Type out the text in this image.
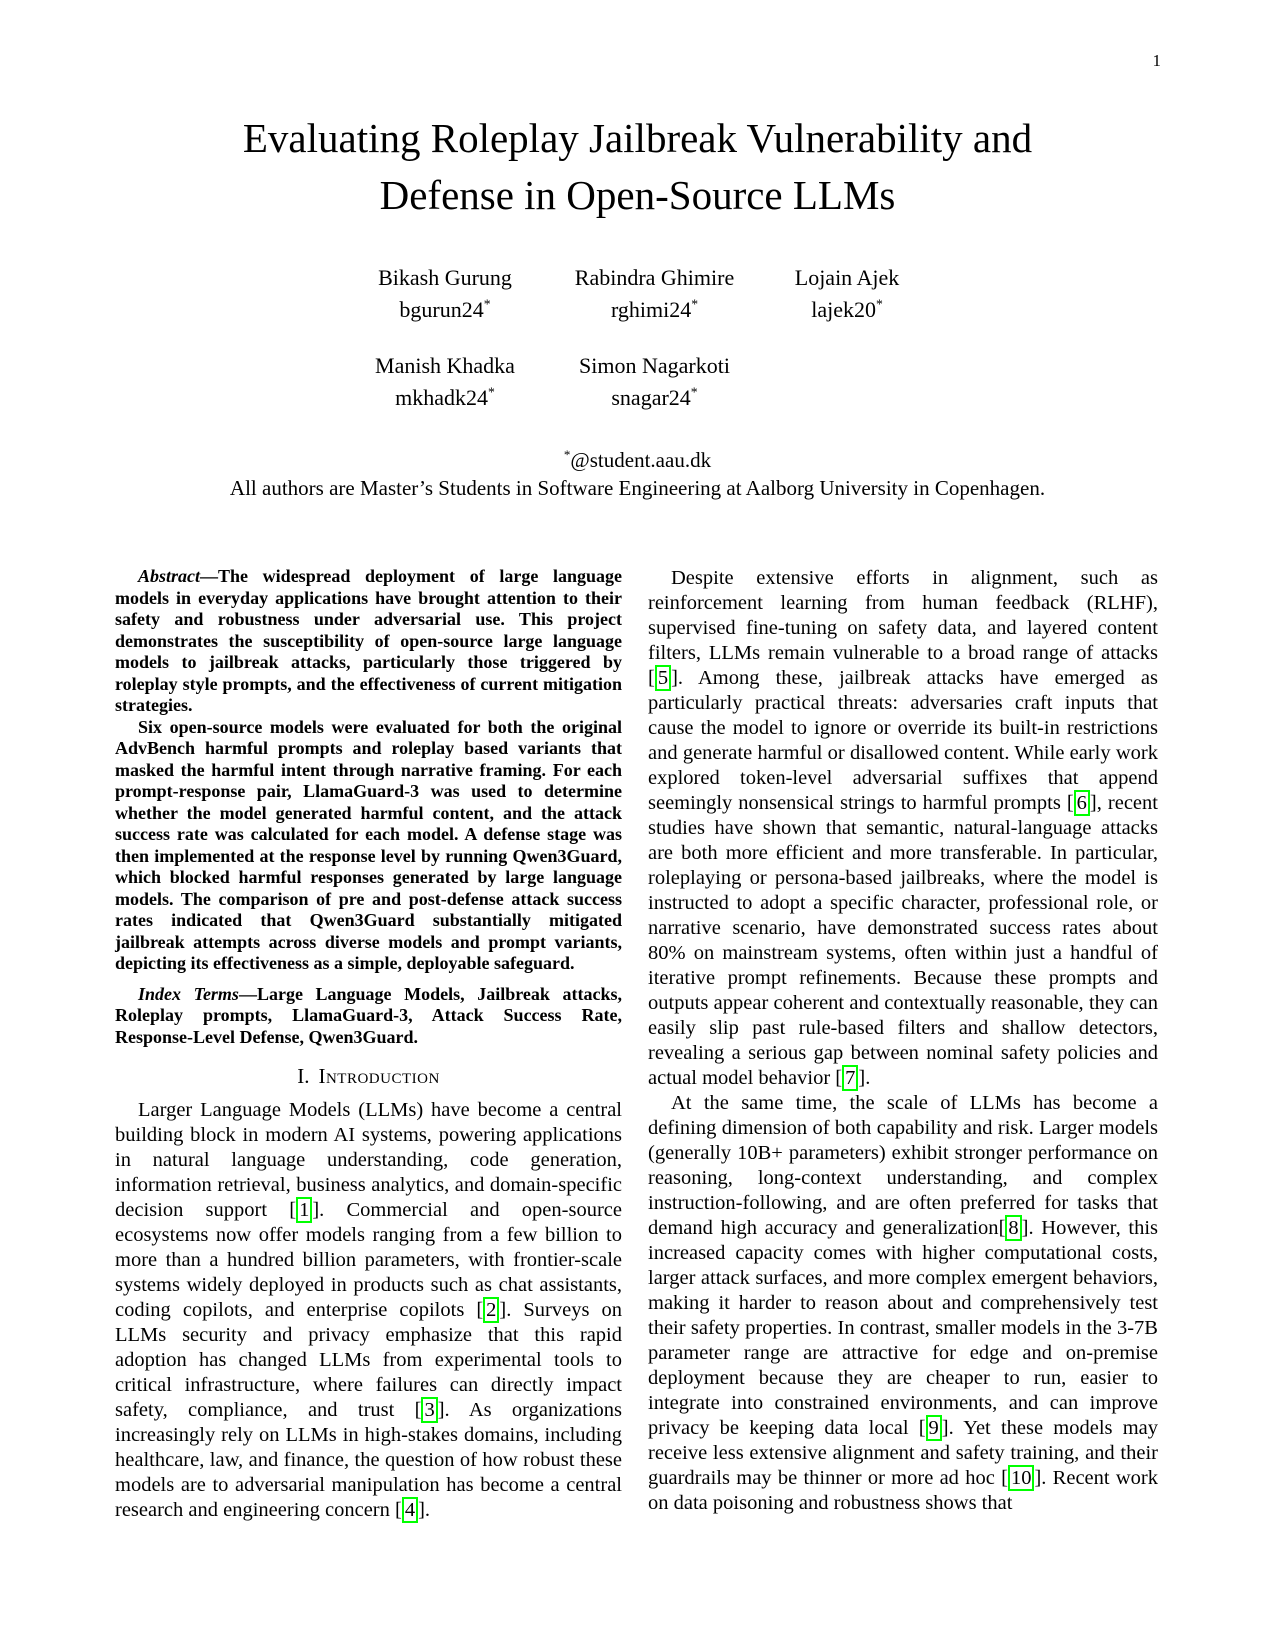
1
Evaluating Roleplay Jailbreak Vulnerability and
Defense in Open-Source LLMs
Bikash Gurung
bgurun24*
Rabindra Ghimire
rghimi24*
Lojain Ajek
lajek20*
Manish Khadka
mkhadk24*
Simon Nagarkoti
snagar24*
*@student.aau.dk
All authors are Master’s Students in Software Engineering at Aalborg University in Copenhagen.

Abstract—The widespread deployment of large language models in everyday applications have brought attention to their safety and robustness under adversarial use. This project demonstrates the susceptibility of open-source large language models to jailbreak attacks, particularly those triggered by roleplay style prompts, and the effectiveness of current mitigation strategies.

Six open-source models were evaluated for both the original AdvBench harmful prompts and roleplay based variants that masked the harmful intent through narrative framing. For each prompt-response pair, LlamaGuard-3 was used to determine whether the model generated harmful content, and the attack success rate was calculated for each model. A defense stage was then implemented at the response level by running Qwen3Guard, which blocked harmful responses generated by large language models. The comparison of pre and post-defense attack success rates indicated that Qwen3Guard substantially mitigated jailbreak attempts across diverse models and prompt variants, depicting its effectiveness as a simple, deployable safeguard.

Index Terms—Large Language Models, Jailbreak attacks, Roleplay prompts, LlamaGuard-3, Attack Success Rate, Response-Level Defense, Qwen3Guard.

I. Introduction

Larger Language Models (LLMs) have become a central building block in modern AI systems, powering applications in natural language understanding, code generation, information retrieval, business analytics, and domain-specific decision support [ 1 ]. Commercial and open-source ecosystems now offer models ranging from a few billion to more than a hundred billion parameters, with frontier-scale systems widely deployed in products such as chat assistants, coding copilots, and enterprise copilots [ 2 ]. Surveys on LLMs security and privacy emphasize that this rapid adoption has changed LLMs from experimental tools to critical infrastructure, where failures can directly impact safety, compliance, and trust [ 3 ]. As organizations increasingly rely on LLMs in high-stakes domains, including healthcare, law, and finance, the question of how robust these models are to adversarial manipulation has become a central research and engineering concern [ 4 ].

Despite extensive efforts in alignment, such as reinforcement learning from human feedback (RLHF), supervised fine-tuning on safety data, and layered content filters, LLMs remain vulnerable to a broad range of attacks [ 5 ]. Among these, jailbreak attacks have emerged as particularly practical threats: adversaries craft inputs that cause the model to ignore or override its built-in restrictions and generate harmful or disallowed content. While early work explored token-level adversarial suffixes that append seemingly nonsensical strings to harmful prompts [ 6 ], recent studies have shown that semantic, natural-language attacks are both more efficient and more transferable. In particular, roleplaying or persona-based jailbreaks, where the model is instructed to adopt a specific character, professional role, or narrative scenario, have demonstrated success rates about 80% on mainstream systems, often within just a handful of iterative prompt refinements. Because these prompts and outputs appear coherent and contextually reasonable, they can easily slip past rule-based filters and shallow detectors, revealing a serious gap between nominal safety policies and actual model behavior [ 7 ].

At the same time, the scale of LLMs has become a defining dimension of both capability and risk. Larger models (generally 10B+ parameters) exhibit stronger performance on reasoning, long-context understanding, and complex instruction-following, and are often preferred for tasks that demand high accuracy and generalization[ 8 ]. However, this increased capacity comes with higher computational costs, larger attack surfaces, and more complex emergent behaviors, making it harder to reason about and comprehensively test their safety properties. In contrast, smaller models in the 3-7B parameter range are attractive for edge and on-premise deployment because they are cheaper to run, easier to integrate into constrained environments, and can improve privacy be keeping data local [ 9 ]. Yet these models may receive less extensive alignment and safety training, and their guardrails may be thinner or more ad hoc [ 10 ]. Recent work on data poisoning and robustness shows that
